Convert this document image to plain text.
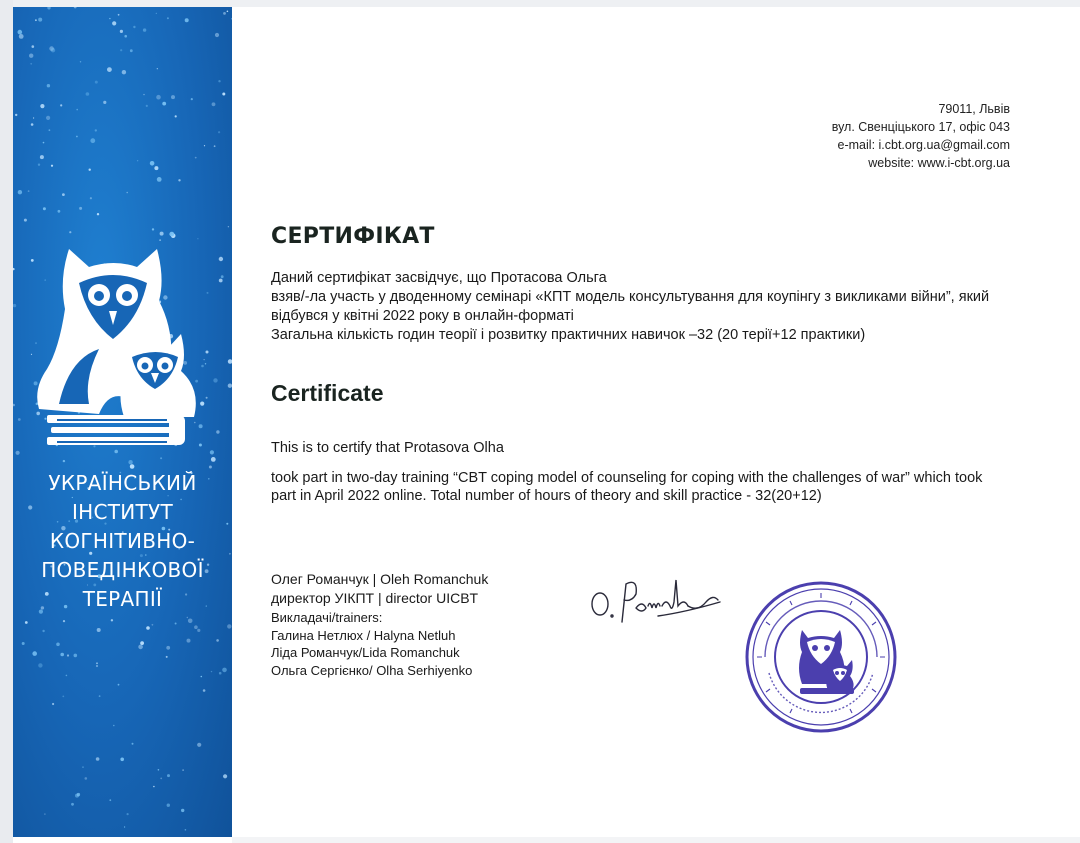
УКРАЇНСЬКИЙ
ІНСТИТУТ
КОГНІТИВНО-
ПОВЕДІНКОВОЇ
ТЕРАПІЇ
79011, Львів
вул. Свенціцького 17, офіс 043
e-mail: i.cbt.org.ua@gmail.com
website: www.i-cbt.org.ua
СЕРТИФІКАТ
Даний сертифікат засвідчує, що Протасова Ольга
взяв/-ла участь у дводенному семінарі «КПТ модель консультування для коупінгу з викликами війни”, який відбувся у квітні 2022 року в онлайн-форматі
Загальна кількість годин теорії і розвитку практичних навичок –32 (20 терії+12 практики)
Certificate
This is to certify that Protasova Olha
took part in two-day training “CBT coping model of counseling for coping with the challenges of war” which took part in April 2022 online. Total number of hours of theory and skill practice - 32(20+12)
Олег Романчук | Oleh Romanchuk
директор УІКПТ | director UICBT
Викладачі/trainers:
Галина Нетлюх / Halyna Netluh
Ліда Романчук/Lida Romanchuk
Ольга Сергієнко/ Olha Serhiyenko
